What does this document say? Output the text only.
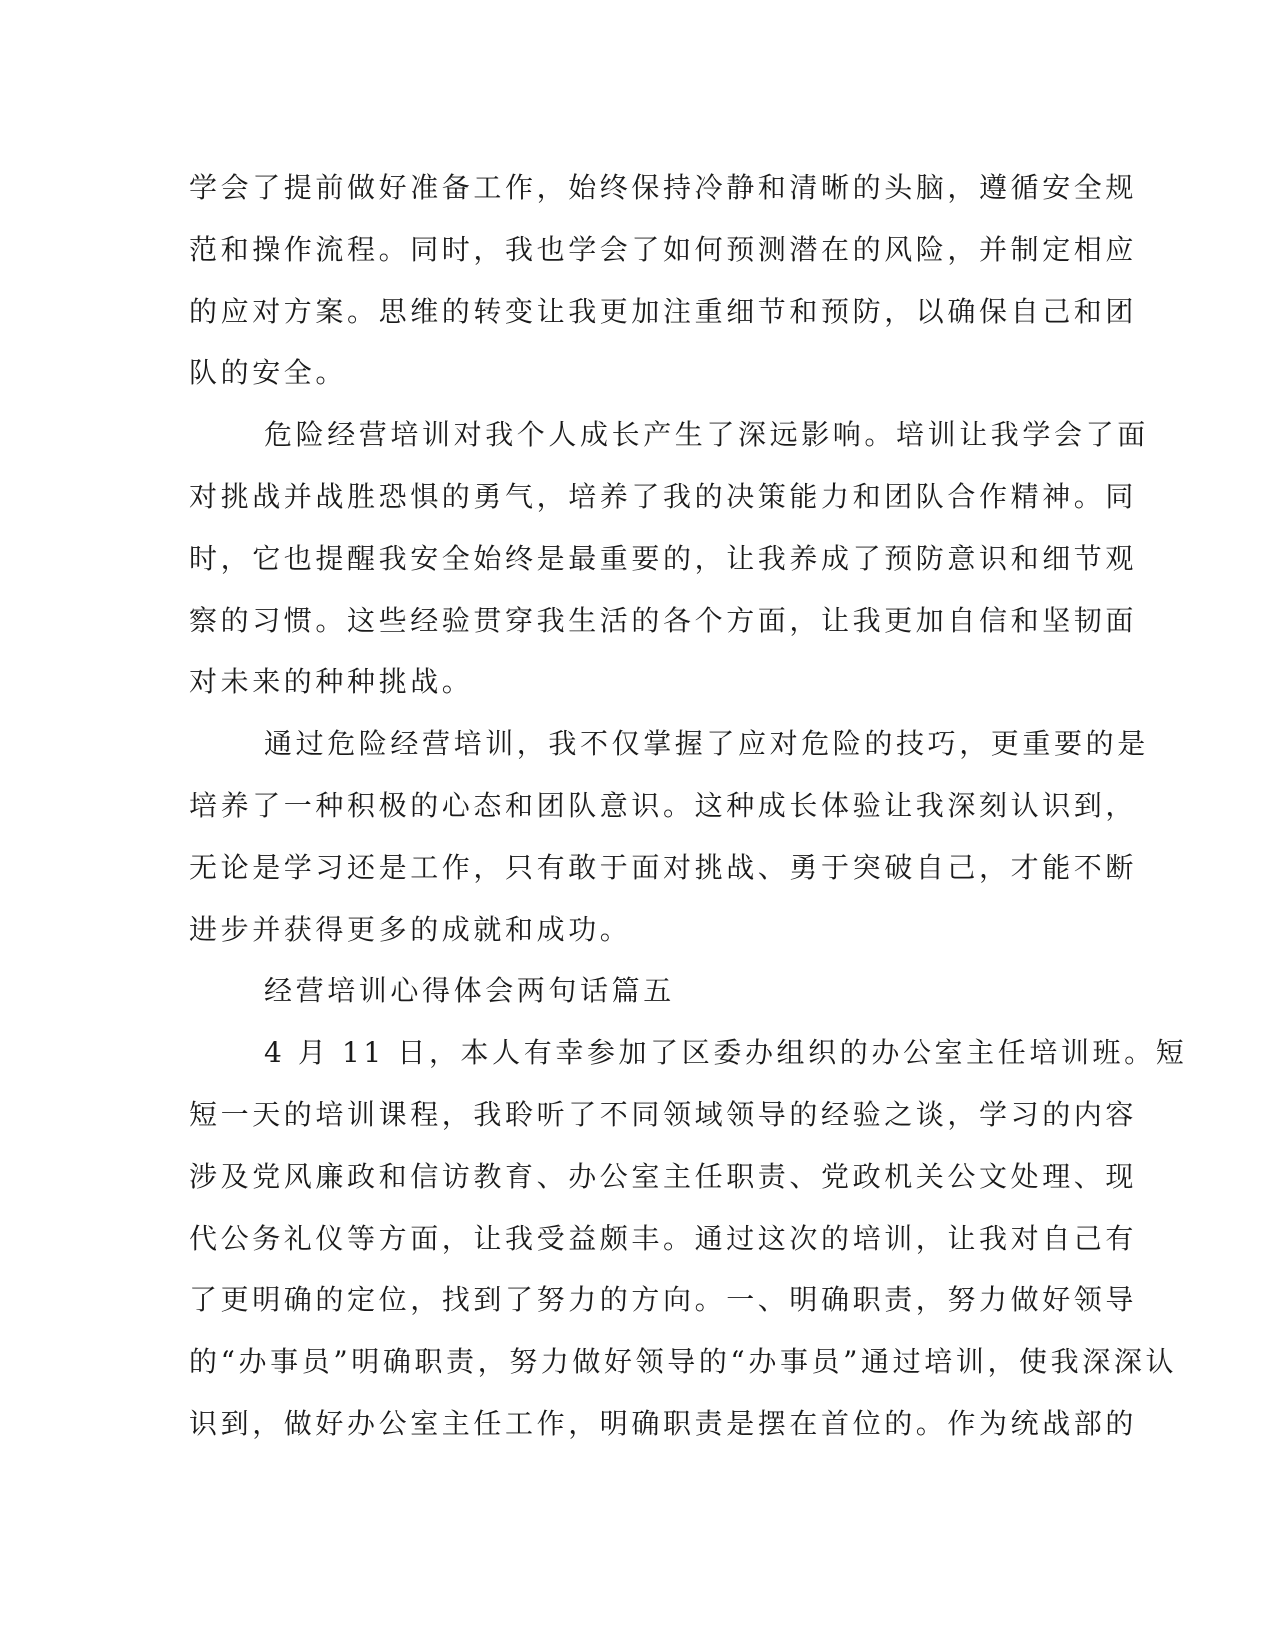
学会了提前做好准备工作，始终保持冷静和清晰的头脑，遵循安全规
范和操作流程。同时，我也学会了如何预测潜在的风险，并制定相应
的应对方案。思维的转变让我更加注重细节和预防，以确保自己和团
队的安全。
危险经营培训对我个人成长产生了深远影响。培训让我学会了面
对挑战并战胜恐惧的勇气，培养了我的决策能力和团队合作精神。同
时，它也提醒我安全始终是最重要的，让我养成了预防意识和细节观
察的习惯。这些经验贯穿我生活的各个方面，让我更加自信和坚韧面
对未来的种种挑战。
通过危险经营培训，我不仅掌握了应对危险的技巧，更重要的是
培养了一种积极的心态和团队意识。这种成长体验让我深刻认识到，
无论是学习还是工作，只有敢于面对挑战、勇于突破自己，才能不断
进步并获得更多的成就和成功。
经营培训心得体会两句话篇五
4 月 11 日，本人有幸参加了区委办组织的办公室主任培训班。短
短一天的培训课程，我聆听了不同领域领导的经验之谈，学习的内容
涉及党风廉政和信访教育、办公室主任职责、党政机关公文处理、现
代公务礼仪等方面，让我受益颇丰。通过这次的培训，让我对自己有
了更明确的定位，找到了努力的方向。一、明确职责，努力做好领导
的“办事员”明确职责，努力做好领导的“办事员”通过培训，使我深深认
识到，做好办公室主任工作，明确职责是摆在首位的。作为统战部的
